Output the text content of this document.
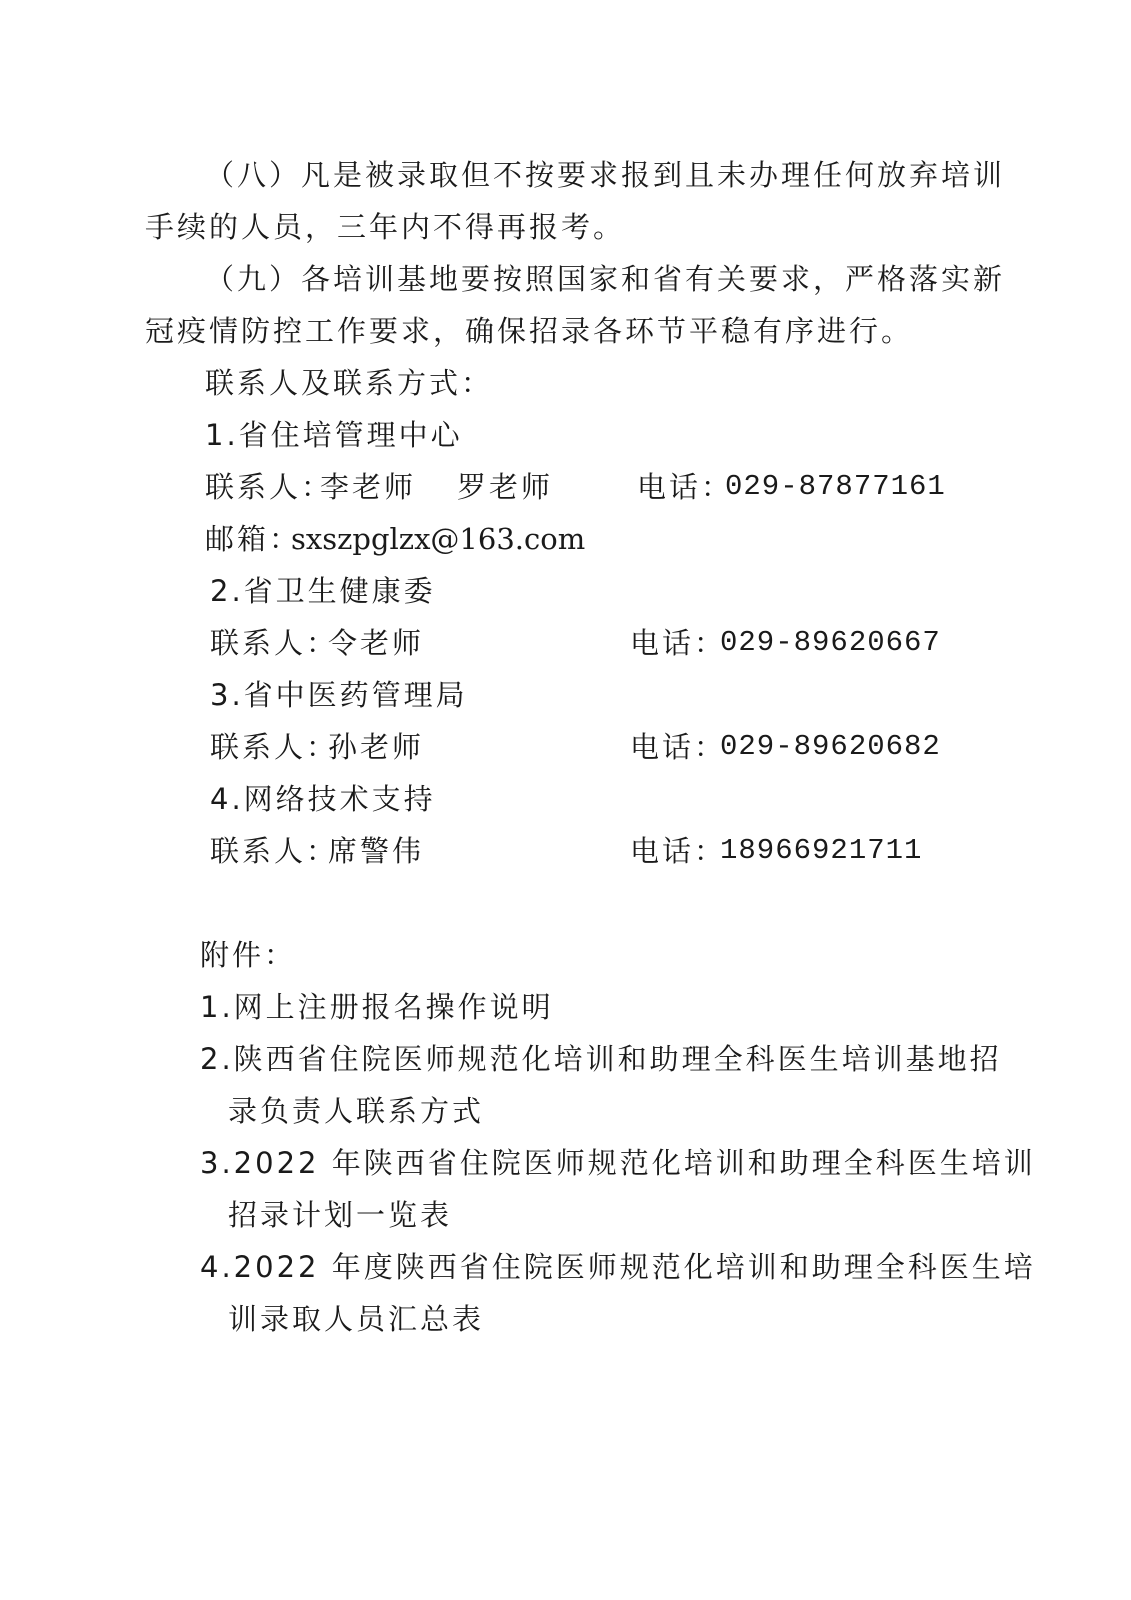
（八）凡是被录取但不按要求报到且未办理任何放弃培训
手续的人员，三年内不得再报考。
（九）各培训基地要按照国家和省有关要求，严格落实新
冠疫情防控工作要求，确保招录各环节平稳有序进行。
联系人及联系方式：
1.省住培管理中心
联系人：
李老师 罗老师	电话：
029-87877161
邮箱：
sxszpglzx@163.com
2.省卫生健康委
联系人：
令老师	电话：
029-89620667
3.省中医药管理局
联系人：
孙老师	电话：
029-89620682
4.网络技术支持
联系人：
席警伟	电话：
18966921711
附件：
1.网上注册报名操作说明
2.陕西省住院医师规范化培训和助理全科医生培训基地招
录负责人联系方式
3.2022 年陕西省住院医师规范化培训和助理全科医生培训
招录计划一览表
4.2022 年度陕西省住院医师规范化培训和助理全科医生培
训录取人员汇总表
